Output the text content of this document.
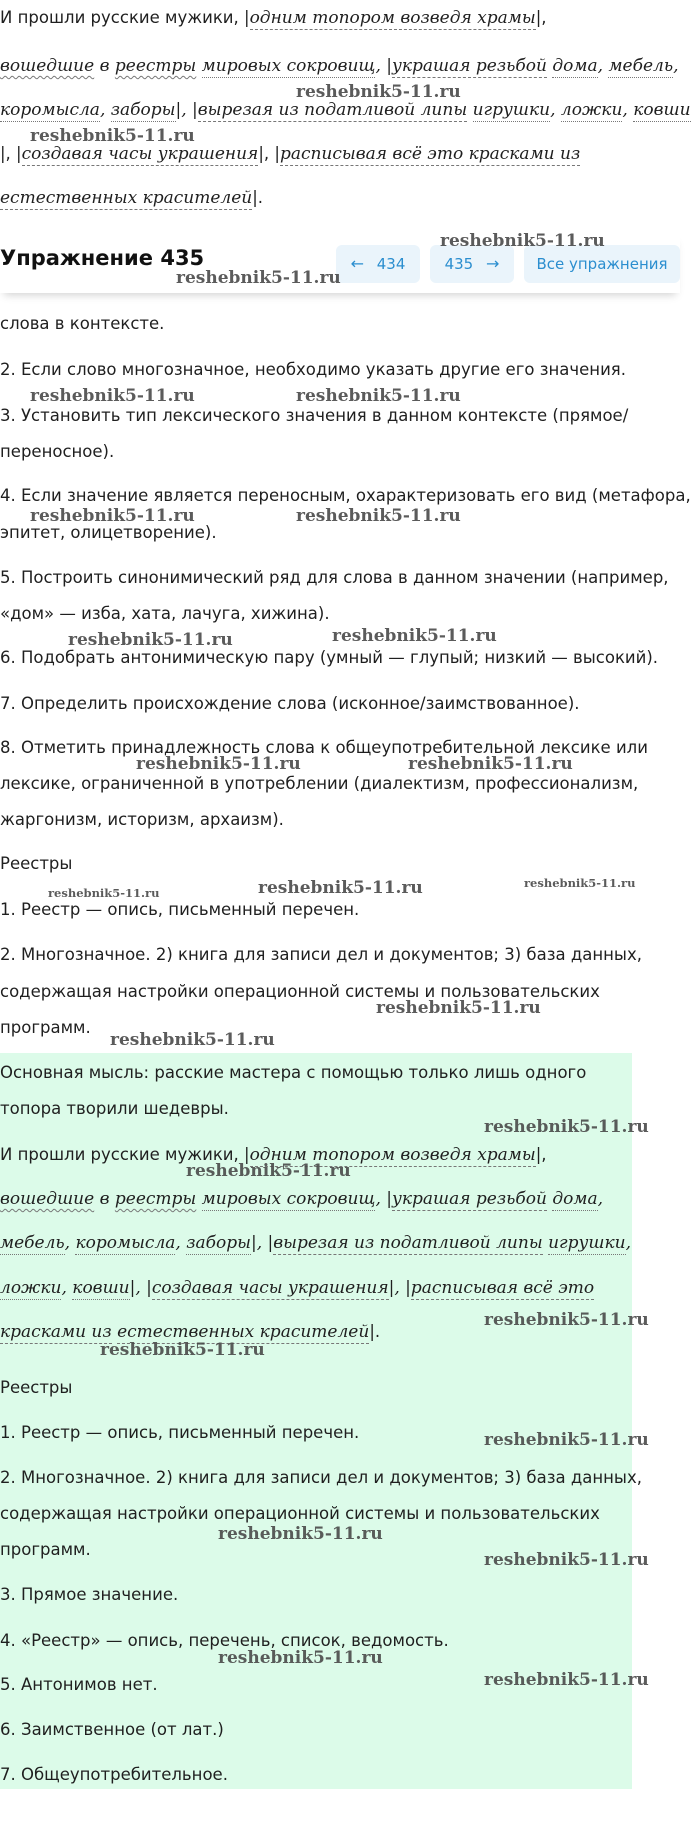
И прошли русские мужики, |одним топором возведя храмы|,
вошедшие в реестры мировых сокровищ, |украшая резьбой дома, мебель,
коромысла, заборы|, |вырезая из податливой липы игрушки, ложки, ковши
|, |создавая часы украшения|, |расписывая всё это красками из
естественных красителей|.
Упражнение 435	← 434	435 →	Все упражнения
слова в контексте.
2. Если слово многозначное, необходимо указать другие его значения.
3. Установить тип лексического значения в данном контексте (прямое/
переносное).
4. Если значение является переносным, охарактеризовать его вид (метафора,
эпитет, олицетворение).
5. Построить синонимический ряд для слова в данном значении (например,
«дом» — изба, хата, лачуга, хижина).
6. Подобрать антонимическую пару (умный — глупый; низкий — высокий).
7. Определить происхождение слова (исконное/заимствованное).
8. Отметить принадлежность слова к общеупотребительной лексике или
лексике, ограниченной в употреблении (диалектизм, профессионализм,
жаргонизм, историзм, архаизм).
Реестры
1. Реестр — опись, письменный перечен.
2. Многозначное. 2) книга для записи дел и документов; 3) база данных,
содержащая настройки операционной системы и пользовательских
программ.
Основная мысль: расские мастера с помощью только лишь одного
топора творили шедевры.
И прошли русские мужики, |одним топором возведя храмы|,
вошедшие в реестры мировых сокровищ, |украшая резьбой дома,
мебель, коромысла, заборы|, |вырезая из податливой липы игрушки,
ложки, ковши|, |создавая часы украшения|, |расписывая всё это
красками из естественных красителей|.
Реестры
1. Реестр — опись, письменный перечен.
2. Многозначное. 2) книга для записи дел и документов; 3) база данных,
содержащая настройки операционной системы и пользовательских
программ.
3. Прямое значение.
4. «Реестр» — опись, перечень, список, ведомость.
5. Антонимов нет.
6. Заимственное (от лат.)
7. Общеупотребительное.
reshebnik5-11.ru
reshebnik5-11.ru
reshebnik5-11.ru
reshebnik5-11.ru
reshebnik5-11.ru	reshebnik5-11.ru
reshebnik5-11.ru	reshebnik5-11.ru
reshebnik5-11.ru	reshebnik5-11.ru
reshebnik5-11.ru	reshebnik5-11.ru
reshebnik5-11.ru	reshebnik5-11.ru	reshebnik5-11.ru
reshebnik5-11.ru
reshebnik5-11.ru
reshebnik5-11.ru
reshebnik5-11.ru
reshebnik5-11.ru
reshebnik5-11.ru
reshebnik5-11.ru
reshebnik5-11.ru
reshebnik5-11.ru
reshebnik5-11.ru
reshebnik5-11.ru
